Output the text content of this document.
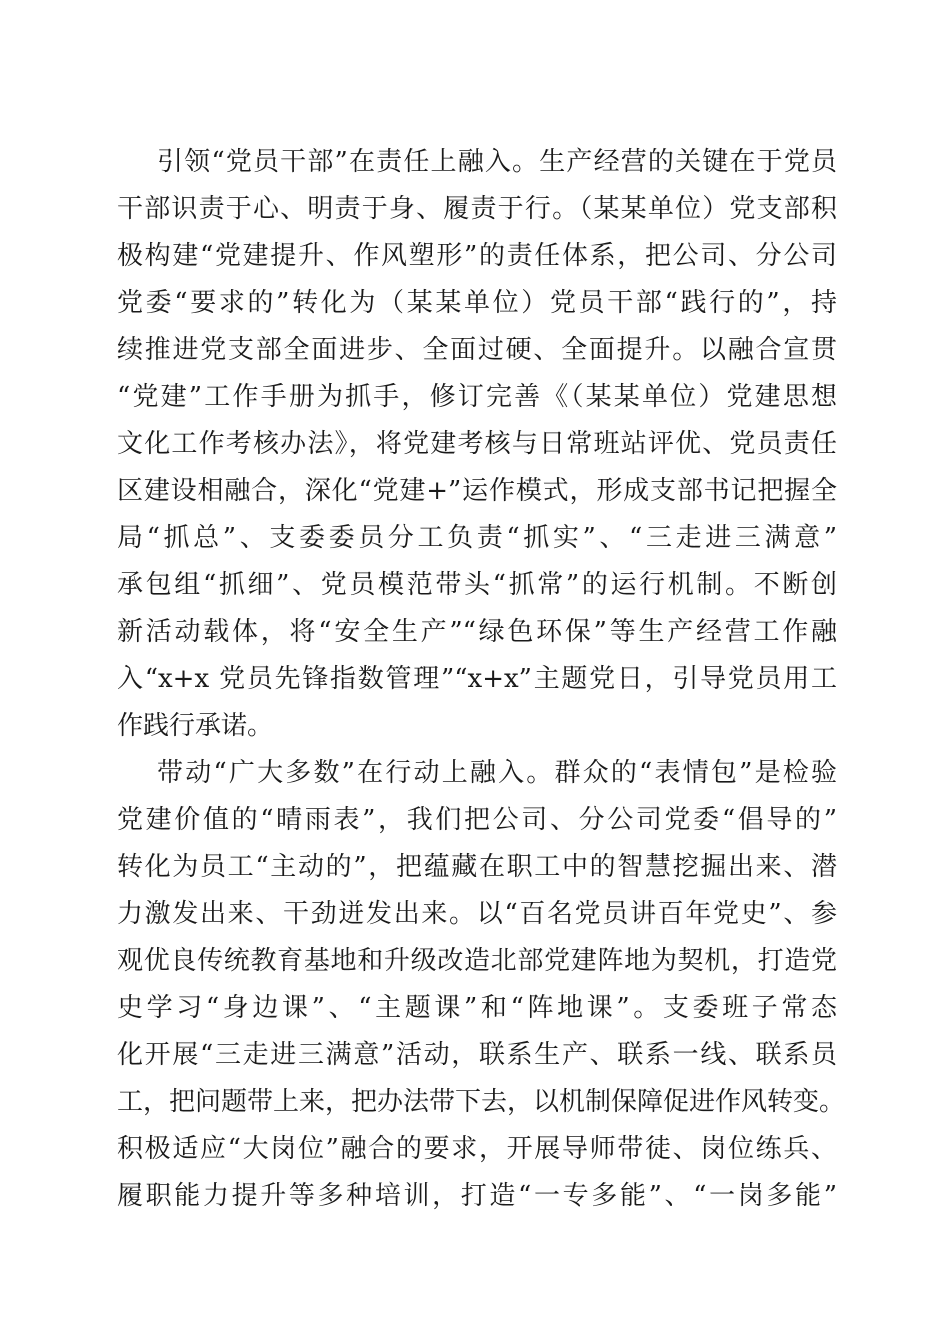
引领“党员干部”在责任上融入。生产经营的关键在于党员
干部识责于心、明责于身、履责于行。（某某单位）党支部积
极构建“党建提升、作风塑形”的责任体系，把公司、分公司
党委“要求的”转化为（某某单位）党员干部“践行的”，持
续推进党支部全面进步、全面过硬、全面提升。以融合宣贯
“党建”工作手册为抓手，修订完善《（某某单位）党建思想
文化工作考核办法》，将党建考核与日常班站评优、党员责任
区建设相融合，深化“党建+”运作模式，形成支部书记把握全
局“抓总”、支委委员分工负责“抓实”、“三走进三满意”
承包组“抓细”、党员模范带头“抓常”的运行机制。不断创
新活动载体，将“安全生产”“绿色环保”等生产经营工作融
入“x+x 党员先锋指数管理”“x+x”主题党日，引导党员用工
作践行承诺。
带动“广大多数”在行动上融入。群众的“表情包”是检验
党建价值的“晴雨表”，我们把公司、分公司党委“倡导的”
转化为员工“主动的”，把蕴藏在职工中的智慧挖掘出来、潜
力激发出来、干劲迸发出来。以“百名党员讲百年党史”、参
观优良传统教育基地和升级改造北部党建阵地为契机，打造党
史学习“身边课”、“主题课”和“阵地课”。支委班子常态
化开展“三走进三满意”活动，联系生产、联系一线、联系员
工，把问题带上来，把办法带下去，以机制保障促进作风转变。
积极适应“大岗位”融合的要求，开展导师带徒、岗位练兵、
履职能力提升等多种培训，打造“一专多能”、“一岗多能”
